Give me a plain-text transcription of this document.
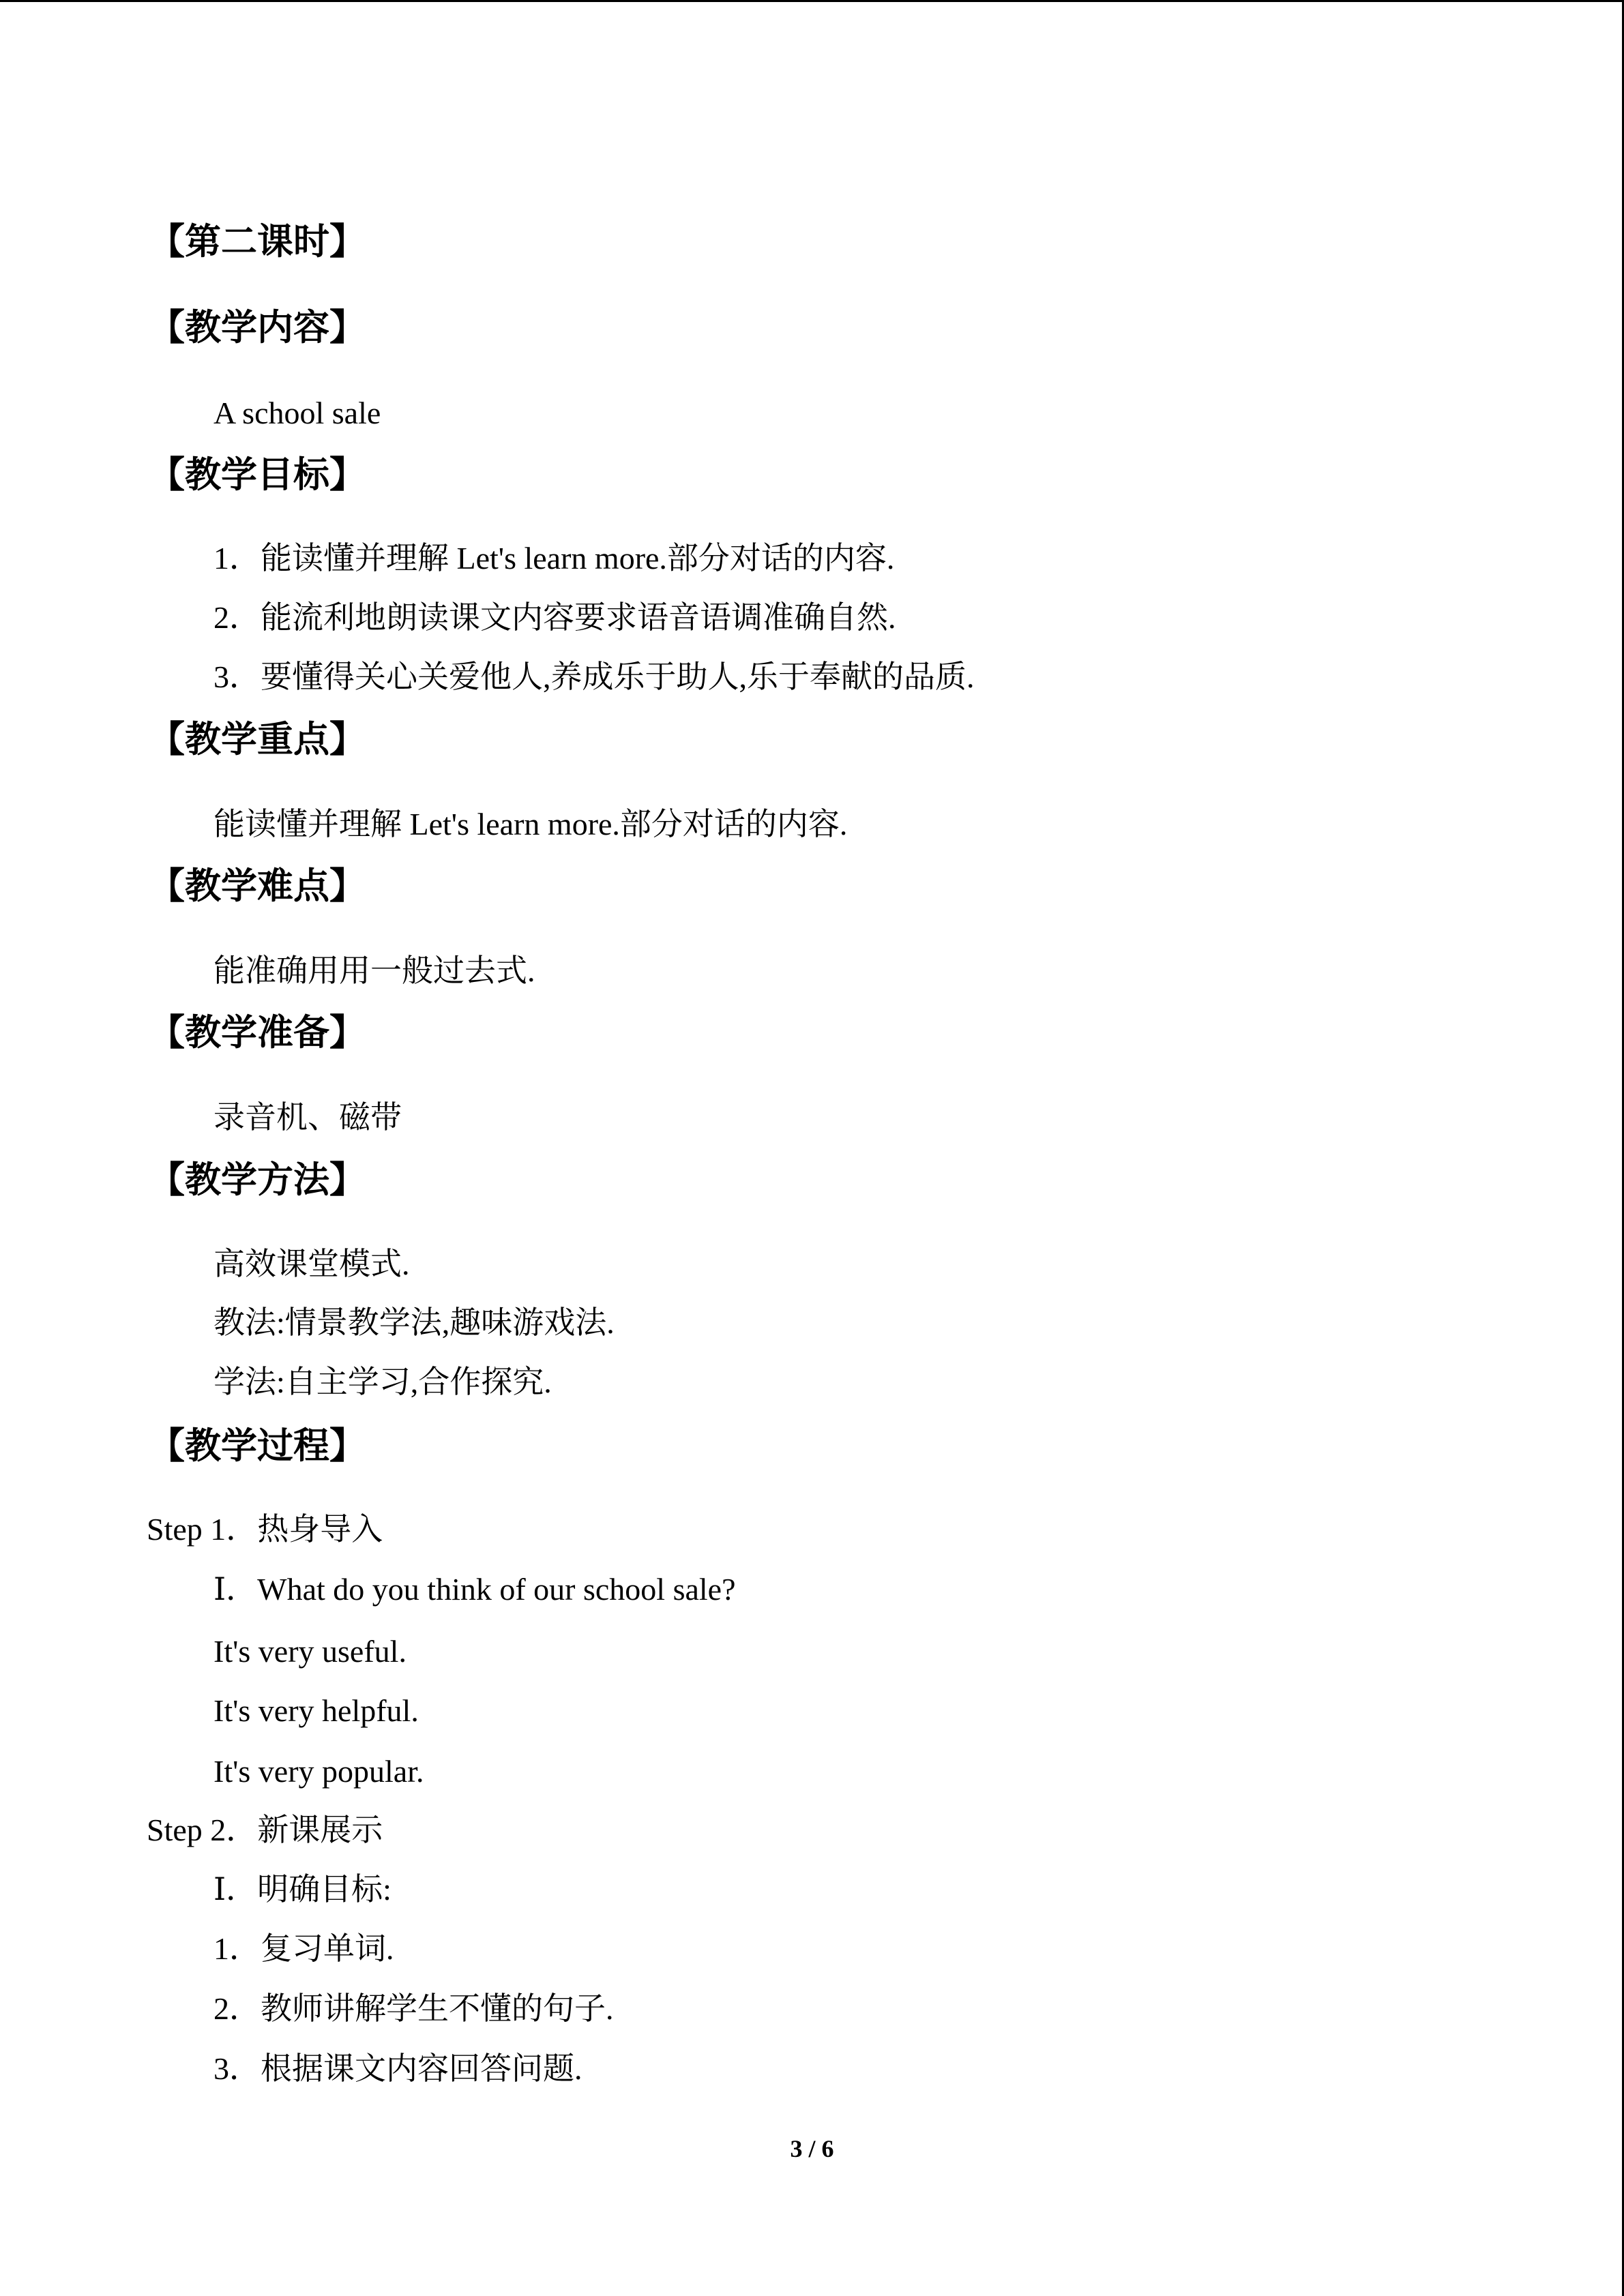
【第二课时】
【教学内容】
A school sale
【教学目标】
1．能读懂并理解 Let's learn more.部分对话的内容.
2．能流利地朗读课文内容要求语音语调准确自然.
3．要懂得关心关爱他人,养成乐于助人,乐于奉献的品质.
【教学重点】
能读懂并理解 Let's learn more.部分对话的内容.
【教学难点】
能准确用用一般过去式.
【教学准备】
录音机、磁带
【教学方法】
高效课堂模式.
教法:情景教学法,趣味游戏法.
学法:自主学习,合作探究.
【教学过程】
Step 1．热身导入
Ⅰ．What do you think of our school sale?
It's very useful.
It's very helpful.
It's very popular.
Step 2．新课展示
Ⅰ．明确目标:
1．复习单词.
2．教师讲解学生不懂的句子.
3．根据课文内容回答问题.
3 / 6
